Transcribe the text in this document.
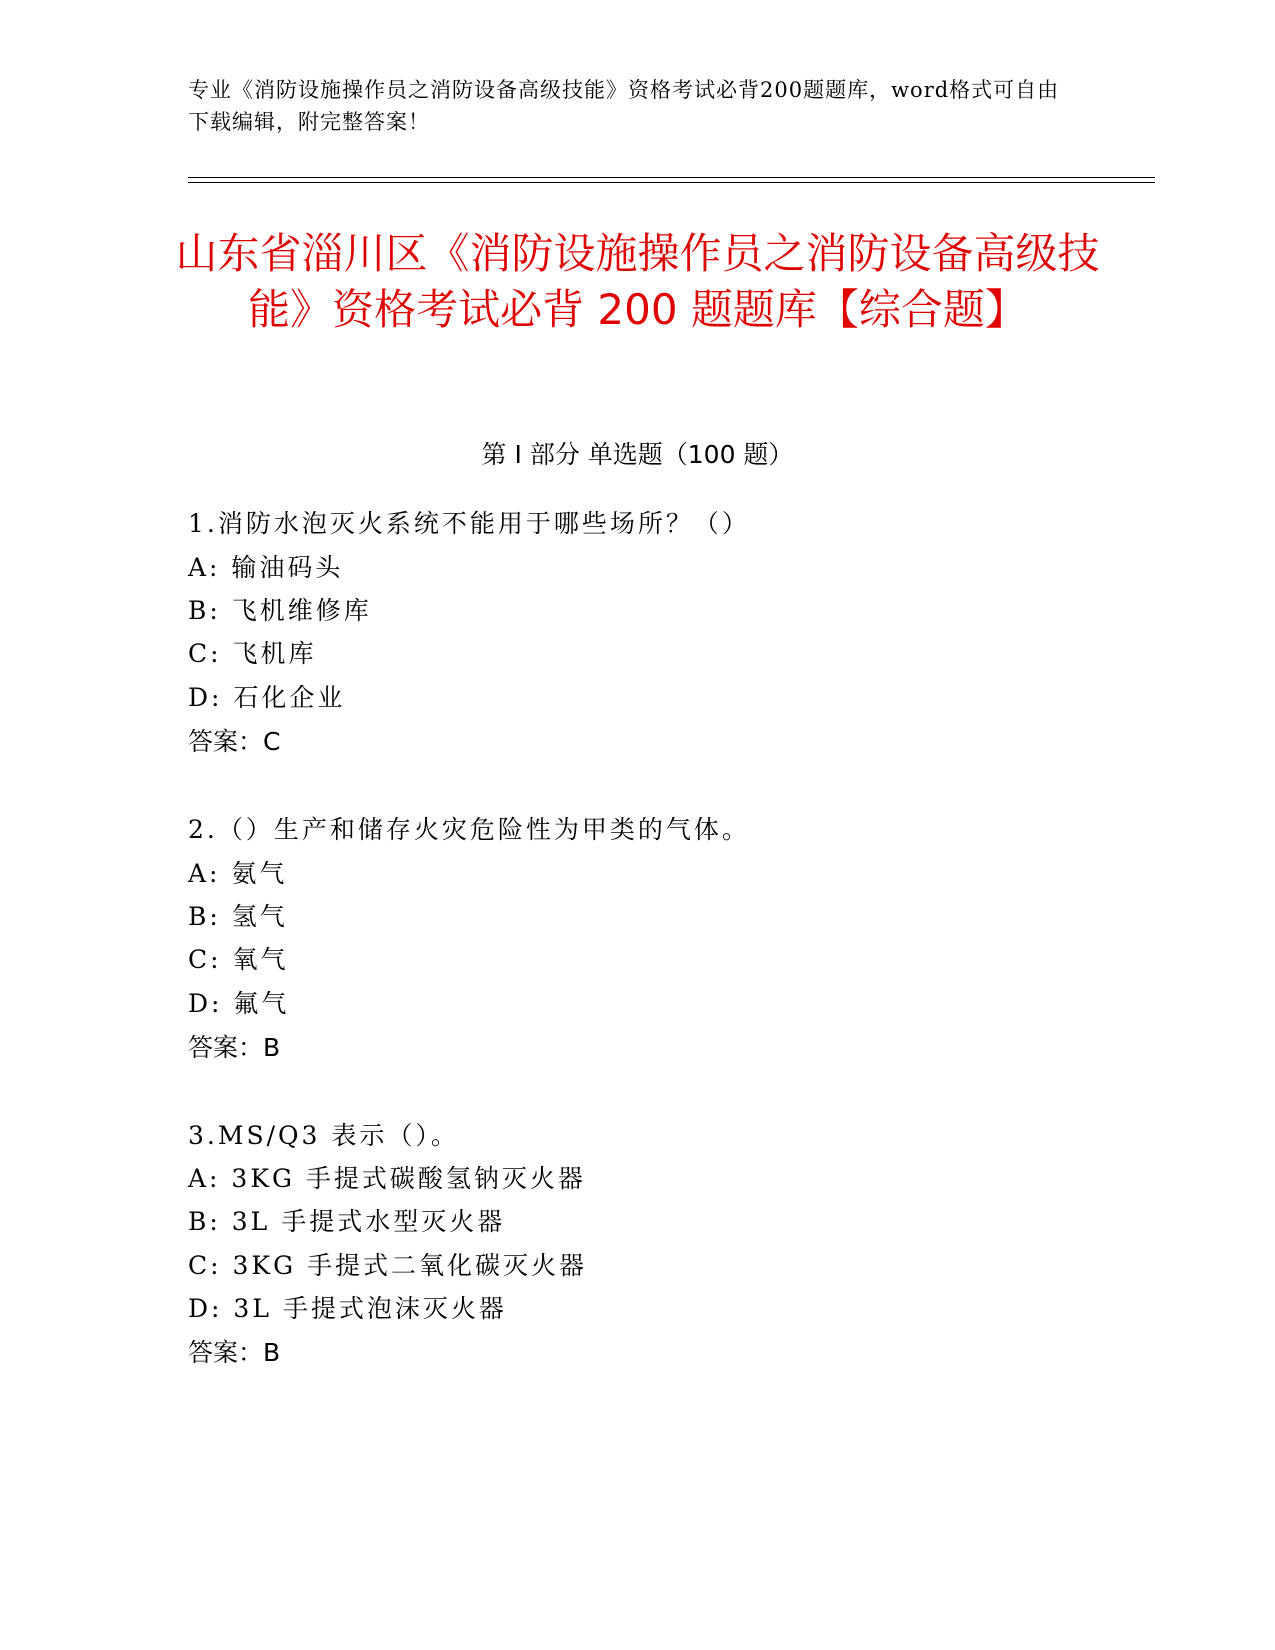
专业《消防设施操作员之消防设备高级技能》资格考试必背200题题库，word格式可自由下载编辑，附完整答案！
山东省淄川区《消防设施操作员之消防设备高级技能》资格考试必背 200 题题库【综合题】
第 I 部分 单选题（100 题）
1.消防水泡灭火系统不能用于哪些场所？（）
A: 输油码头
B: 飞机维修库
C: 飞机库
D: 石化企业
答案：C
2.（）生产和储存火灾危险性为甲类的气体。
A: 氨气
B: 氢气
C: 氧气
D: 氟气
答案：B
3.MS/Q3 表示（）。
A: 3KG 手提式碳酸氢钠灭火器
B: 3L 手提式水型灭火器
C: 3KG 手提式二氧化碳灭火器
D: 3L 手提式泡沫灭火器
答案：B
